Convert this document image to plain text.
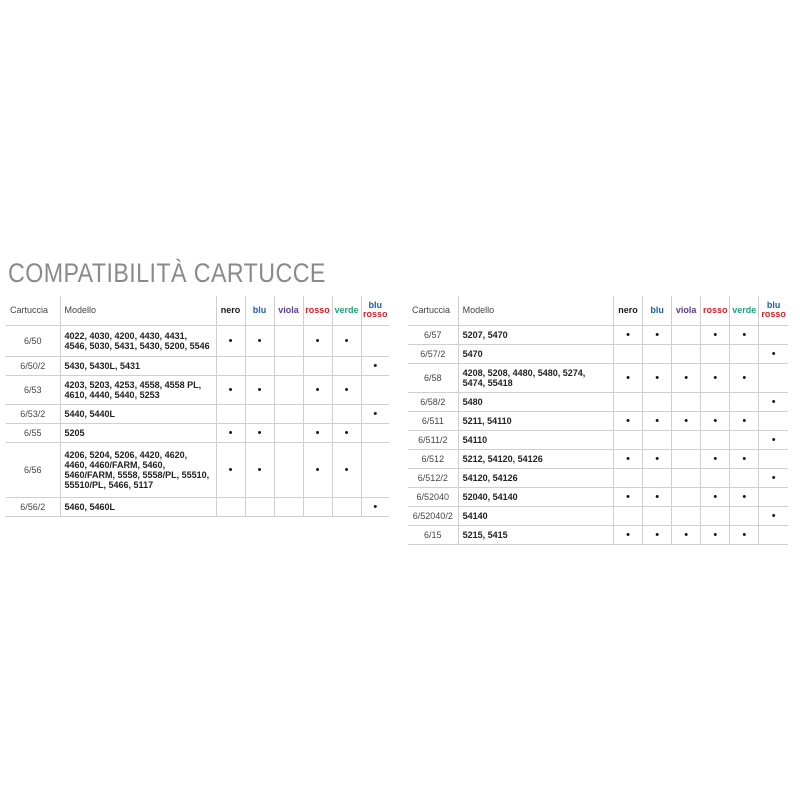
COMPATIBILITÀ CARTUCCE
Cartuccia	Modello	nero	blu	viola	rosso	verde	blu
rosso
6/50	4022, 4030, 4200, 4430, 4431, 4546, 5030, 5431, 5430, 5200, 5546	•	•		•	•	
6/50/2	5430, 5430L, 5431						•
6/53	4203, 5203, 4253, 4558, 4558 PL, 4610, 4440, 5440, 5253	•	•		•	•	
6/53/2	5440, 5440L						•
6/55	5205	•	•		•	•	
6/56	4206, 5204, 5206, 4420, 4620, 4460, 4460/FARM, 5460, 5460/FARM, 5558, 5558/PL, 55510, 55510/PL, 5466, 5117	•	•		•	•	
6/56/2	5460, 5460L						•
Cartuccia	Modello	nero	blu	viola	rosso	verde	blu
rosso
6/57	5207, 5470	•	•		•	•	
6/57/2	5470						•
6/58	4208, 5208, 4480, 5480, 5274, 5474, 55418	•	•	•	•	•	
6/58/2	5480						•
6/511	5211, 54110	•	•	•	•	•	
6/511/2	54110						•
6/512	5212, 54120, 54126	•	•		•	•	
6/512/2	54120, 54126						•
6/52040	52040, 54140	•	•		•	•	
6/52040/2	54140						•
6/15	5215, 5415	•	•	•	•	•	
